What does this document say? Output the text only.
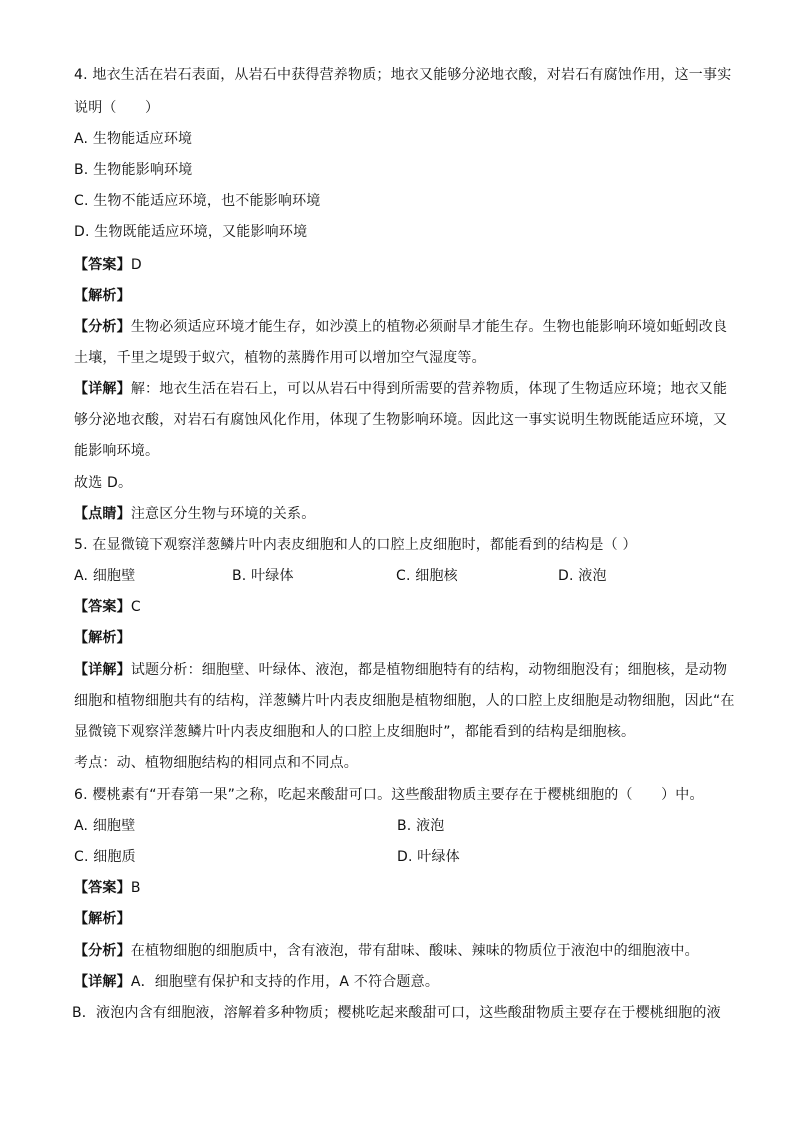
4. 地衣生活在岩石表面，从岩石中获得营养物质；地衣又能够分泌地衣酸，对岩石有腐蚀作用，这一事实
说明（　　）
A. 生物能适应环境
B. 生物能影响环境
C. 生物不能适应环境，也不能影响环境
D. 生物既能适应环境，又能影响环境
【答案】D
【解析】
【分析】生物必须适应环境才能生存，如沙漠上的植物必须耐旱才能生存。生物也能影响环境如蚯蚓改良
土壤，千里之堤毁于蚁穴，植物的蒸腾作用可以增加空气湿度等。
【详解】解：地衣生活在岩石上，可以从岩石中得到所需要的营养物质，体现了生物适应环境；地衣又能
够分泌地衣酸，对岩石有腐蚀风化作用，体现了生物影响环境。因此这一事实说明生物既能适应环境，又
能影响环境。
故选 D。
【点睛】注意区分生物与环境的关系。
5. 在显微镜下观察洋葱鳞片叶内表皮细胞和人的口腔上皮细胞时，都能看到的结构是（ ）
A. 细胞壁	B. 叶绿体	C. 细胞核	D. 液泡
【答案】C
【解析】
【详解】试题分析：细胞壁、叶绿体、液泡，都是植物细胞特有的结构，动物细胞没有；细胞核，是动物
细胞和植物细胞共有的结构，洋葱鳞片叶内表皮细胞是植物细胞，人的口腔上皮细胞是动物细胞，因此“在
显微镜下观察洋葱鳞片叶内表皮细胞和人的口腔上皮细胞时”，都能看到的结构是细胞核。
考点：动、植物细胞结构的相同点和不同点。
6. 樱桃素有“开春第一果”之称，吃起来酸甜可口。这些酸甜物质主要存在于樱桃细胞的（　　）中。
A. 细胞壁	B. 液泡
C. 细胞质	D. 叶绿体
【答案】B
【解析】
【分析】在植物细胞的细胞质中，含有液泡，带有甜味、酸味、辣味的物质位于液泡中的细胞液中。
【详解】A．细胞壁有保护和支持的作用，A 不符合题意。
B．液泡内含有细胞液，溶解着多种物质；樱桃吃起来酸甜可口，这些酸甜物质主要存在于樱桃细胞的液
